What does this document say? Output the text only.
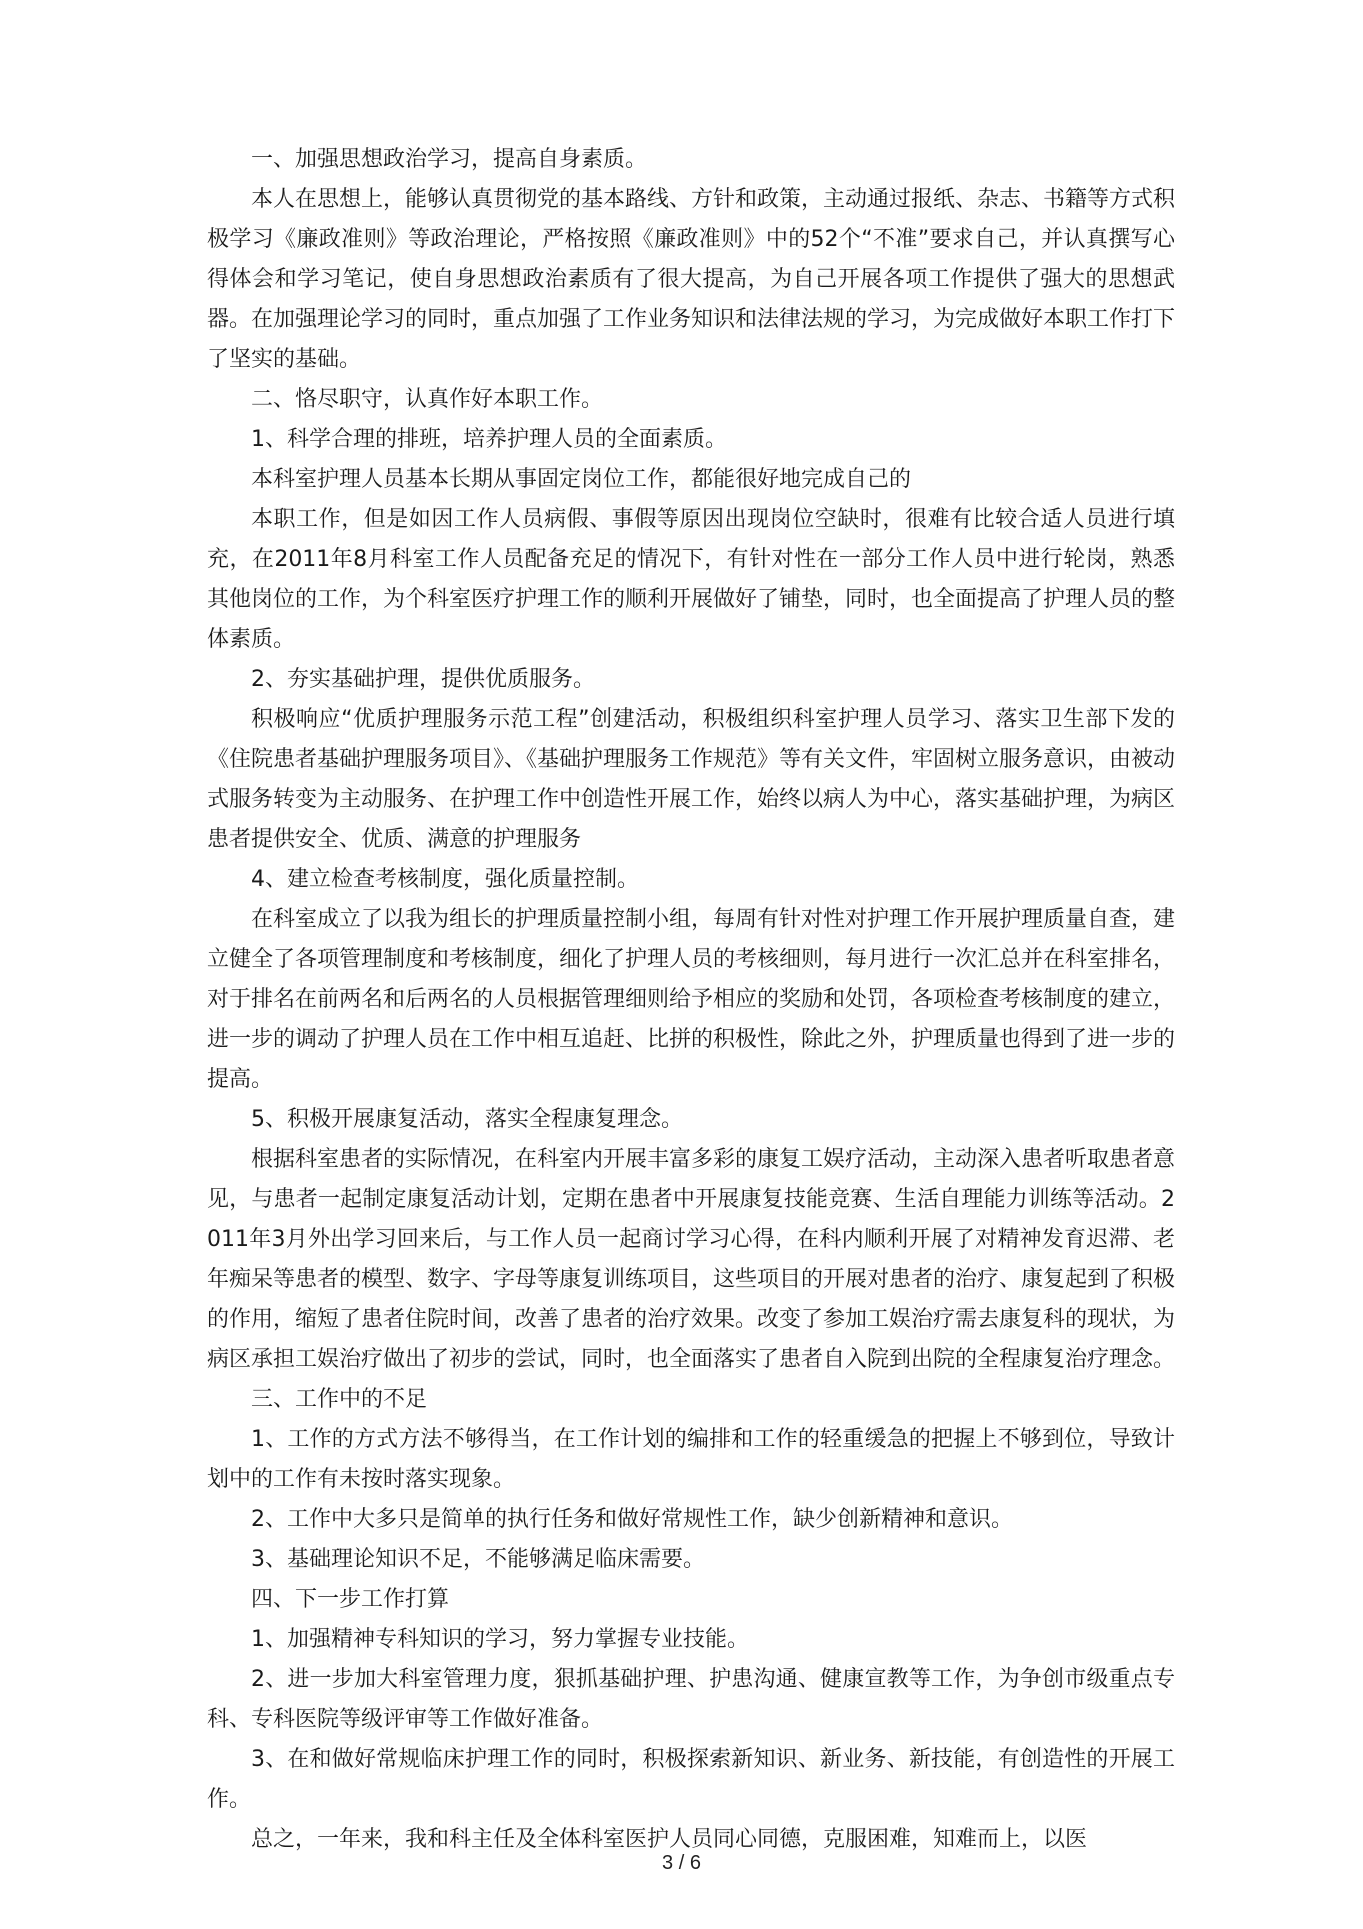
一、加强思想政治学习，提高自身素质。

本人在思想上，能够认真贯彻党的基本路线、方针和政策，主动通过报纸、杂志、书籍等方式积极学习《廉政准则》等政治理论，严格按照《廉政准则》中的52个“不准”要求自己，并认真撰写心得体会和学习笔记，使自身思想政治素质有了很大提高，为自己开展各项工作提供了强大的思想武器。在加强理论学习的同时，重点加强了工作业务知识和法律法规的学习，为完成做好本职工作打下了坚实的基础。

二、恪尽职守，认真作好本职工作。

1、科学合理的排班，培养护理人员的全面素质。

本科室护理人员基本长期从事固定岗位工作，都能很好地完成自己的

本职工作，但是如因工作人员病假、事假等原因出现岗位空缺时，很难有比较合适人员进行填充，在2011年8月科室工作人员配备充足的情况下，有针对性在一部分工作人员中进行轮岗，熟悉其他岗位的工作，为个科室医疗护理工作的顺利开展做好了铺垫，同时，也全面提高了护理人员的整体素质。

2、夯实基础护理，提供优质服务。

积极响应“优质护理服务示范工程”创建活动，积极组织科室护理人员学习、落实卫生部下发的《住院患者基础护理服务项目》、《基础护理服务工作规范》等有关文件，牢固树立服务意识，由被动式服务转变为主动服务、在护理工作中创造性开展工作，始终以病人为中心，落实基础护理，为病区患者提供安全、优质、满意的护理服务

4、建立检查考核制度，强化质量控制。

在科室成立了以我为组长的护理质量控制小组，每周有针对性对护理工作开展护理质量自查，建立健全了各项管理制度和考核制度，细化了护理人员的考核细则，每月进行一次汇总并在科室排名，对于排名在前两名和后两名的人员根据管理细则给予相应的奖励和处罚，各项检查考核制度的建立，进一步的调动了护理人员在工作中相互追赶、比拼的积极性，除此之外，护理质量也得到了进一步的提高。

5、积极开展康复活动，落实全程康复理念。

根据科室患者的实际情况，在科室内开展丰富多彩的康复工娱疗活动，主动深入患者听取患者意见，与患者一起制定康复活动计划，定期在患者中开展康复技能竞赛、生活自理能力训练等活动。2011年3月外出学习回来后，与工作人员一起商讨学习心得，在科内顺利开展了对精神发育迟滞、老年痴呆等患者的模型、数字、字母等康复训练项目，这些项目的开展对患者的治疗、康复起到了积极的作用，缩短了患者住院时间，改善了患者的治疗效果。改变了参加工娱治疗需去康复科的现状，为病区承担工娱治疗做出了初步的尝试，同时，也全面落实了患者自入院到出院的全程康复治疗理念。

三、工作中的不足

1、工作的方式方法不够得当，在工作计划的编排和工作的轻重缓急的把握上不够到位，导致计划中的工作有未按时落实现象。

2、工作中大多只是简单的执行任务和做好常规性工作，缺少创新精神和意识。

3、基础理论知识不足，不能够满足临床需要。

四、下一步工作打算

1、加强精神专科知识的学习，努力掌握专业技能。

2、进一步加大科室管理力度，狠抓基础护理、护患沟通、健康宣教等工作，为争创市级重点专科、专科医院等级评审等工作做好准备。

3、在和做好常规临床护理工作的同时，积极探索新知识、新业务、新技能，有创造性的开展工作。

总之，一年来，我和科主任及全体科室医护人员同心同德，克服困难，知难而上，以医

3 / 6
